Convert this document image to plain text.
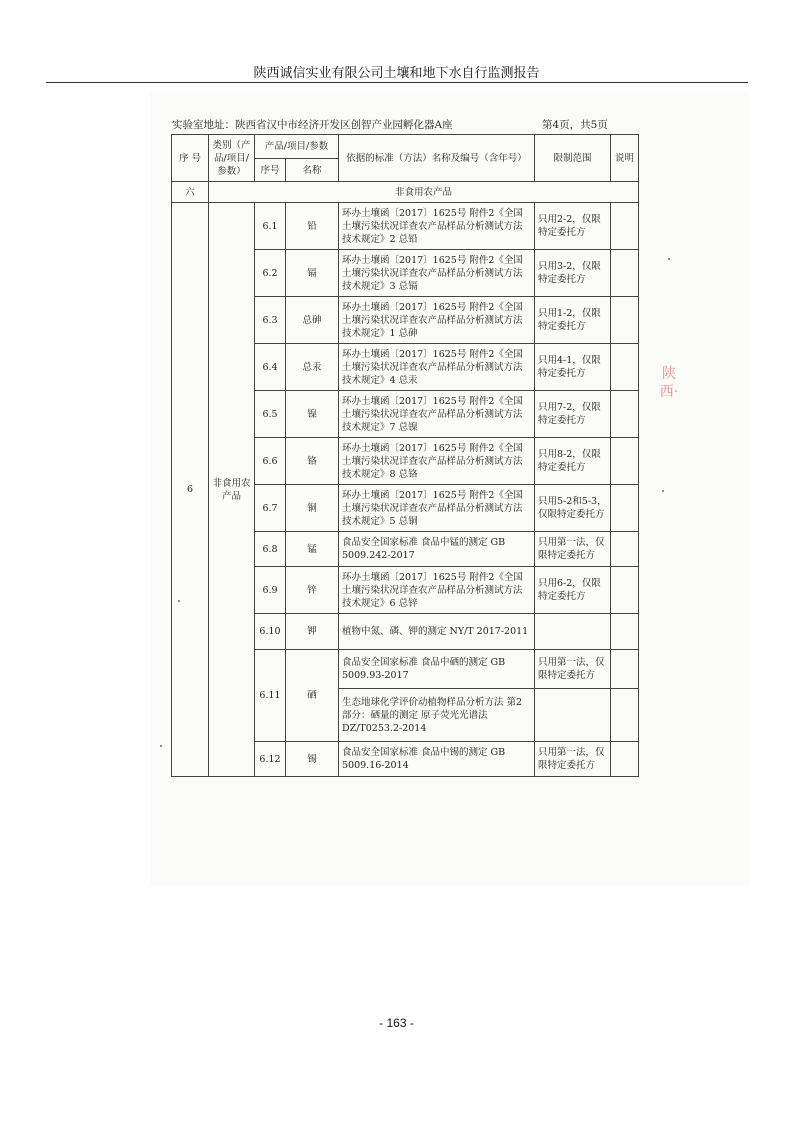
陕西诚信实业有限公司土壤和地下水自行监测报告
实验室地址：陕西省汉中市经济开发区创智产业园孵化器A座	第4页，共5页
序 号	类别（产品/项目/参数）	产品/项目/参数		依据的标准（方法）名称及编号（含年号）	限制范围	说明
		序号	名称			
六	非食用农产品					
6	非食用农产品	6.1	铅	环办土壤函〔2017〕1625号 附件2《全国土壤污染状况详查农产品样品分析测试方法技术规定》2 总铅	只用2-2，仅限特定委托方	
		6.2	镉	环办土壤函〔2017〕1625号 附件2《全国土壤污染状况详查农产品样品分析测试方法技术规定》3 总镉	只用3-2，仅限特定委托方	
		6.3	总砷	环办土壤函〔2017〕1625号 附件2《全国土壤污染状况详查农产品样品分析测试方法技术规定》1 总砷	只用1-2，仅限特定委托方	
		6.4	总汞	环办土壤函〔2017〕1625号 附件2《全国土壤污染状况详查农产品样品分析测试方法技术规定》4 总汞	只用4-1，仅限特定委托方	
		6.5	镍	环办土壤函〔2017〕1625号 附件2《全国土壤污染状况详查农产品样品分析测试方法技术规定》7 总镍	只用7-2，仅限特定委托方	
		6.6	铬	环办土壤函〔2017〕1625号 附件2《全国土壤污染状况详查农产品样品分析测试方法技术规定》8 总铬	只用8-2，仅限特定委托方	
		6.7	铜	环办土壤函〔2017〕1625号 附件2《全国土壤污染状况详查农产品样品分析测试方法技术规定》5 总铜	只用5-2和5-3，仅限特定委托方	
		6.8	锰	食品安全国家标准 食品中锰的测定 GB 5009.242-2017	只用第一法，仅限特定委托方	
		6.9	锌	环办土壤函〔2017〕1625号 附件2《全国土壤污染状况详查农产品样品分析测试方法技术规定》6 总锌	只用6-2，仅限特定委托方	
		6.10	钾	植物中氮、磷、钾的测定 NY/T 2017-2011		
		6.11	硒	食品安全国家标准 食品中硒的测定 GB 5009.93-2017	只用第一法，仅限特定委托方	
				生态地球化学评价动植物样品分析方法 第2部分：硒量的测定 原子荧光光谱法 DZ/T0253.2-2014		
		6.12	锡	食品安全国家标准 食品中锡的测定 GB 5009.16-2014	只用第一法，仅限特定委托方	
陕西·
- 163 -
